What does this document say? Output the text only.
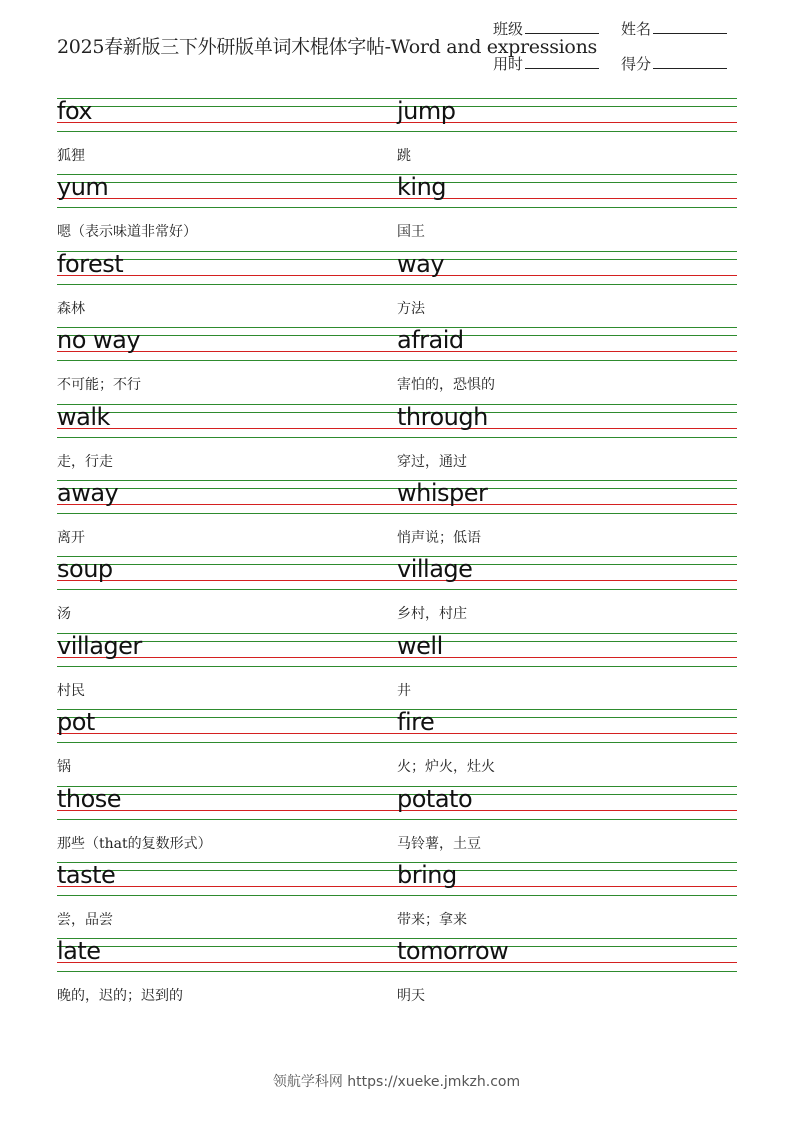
2025春新版三下外研版单词木棍体字帖-Word and expressions
班级	姓名
用时	得分
fox
狐狸
jump
跳
yum
嗯（表示味道非常好）
king
国王
forest
森林
way
方法
no way
不可能；不行
afraid
害怕的，恐惧的
walk
走，行走
through
穿过，通过
away
离开
whisper
悄声说；低语
soup
汤
village
乡村，村庄
villager
村民
well
井
pot
锅
fire
火；炉火，灶火
those
那些（that的复数形式）
potato
马铃薯，土豆
taste
尝，品尝
bring
带来；拿来
late
晚的，迟的；迟到的
tomorrow
明天
领航学科网 https://xueke.jmkzh.com
